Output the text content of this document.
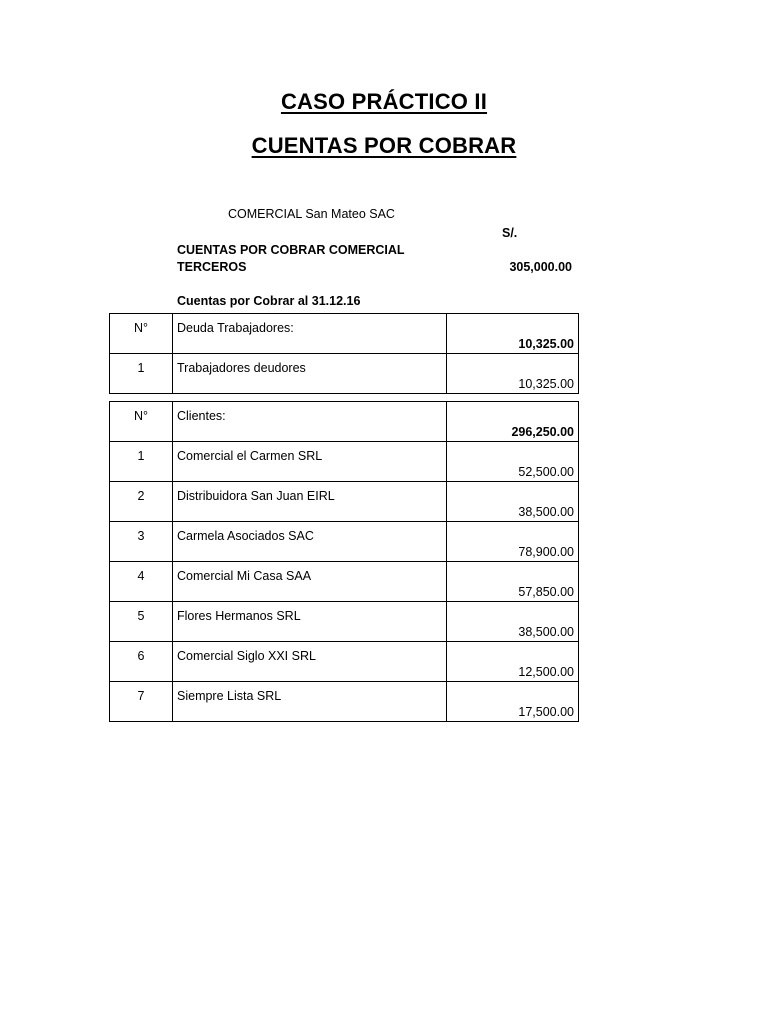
CASO PRÁCTICO II
CUENTAS POR COBRAR
COMERCIAL San Mateo SAC
S/.
CUENTAS POR COBRAR COMERCIAL
TERCEROS	305,000.00
Cuentas por Cobrar al 31.12.16
N°	Deuda Trabajadores:	10,325.00
1	Trabajadores deudores	10,325.00
N°	Clientes:	296,250.00
1	Comercial el Carmen SRL	52,500.00
2	Distribuidora San Juan EIRL	38,500.00
3	Carmela Asociados SAC	78,900.00
4	Comercial Mi Casa SAA	57,850.00
5	Flores Hermanos SRL	38,500.00
6	Comercial Siglo XXI SRL	12,500.00
7	Siempre Lista SRL	17,500.00
